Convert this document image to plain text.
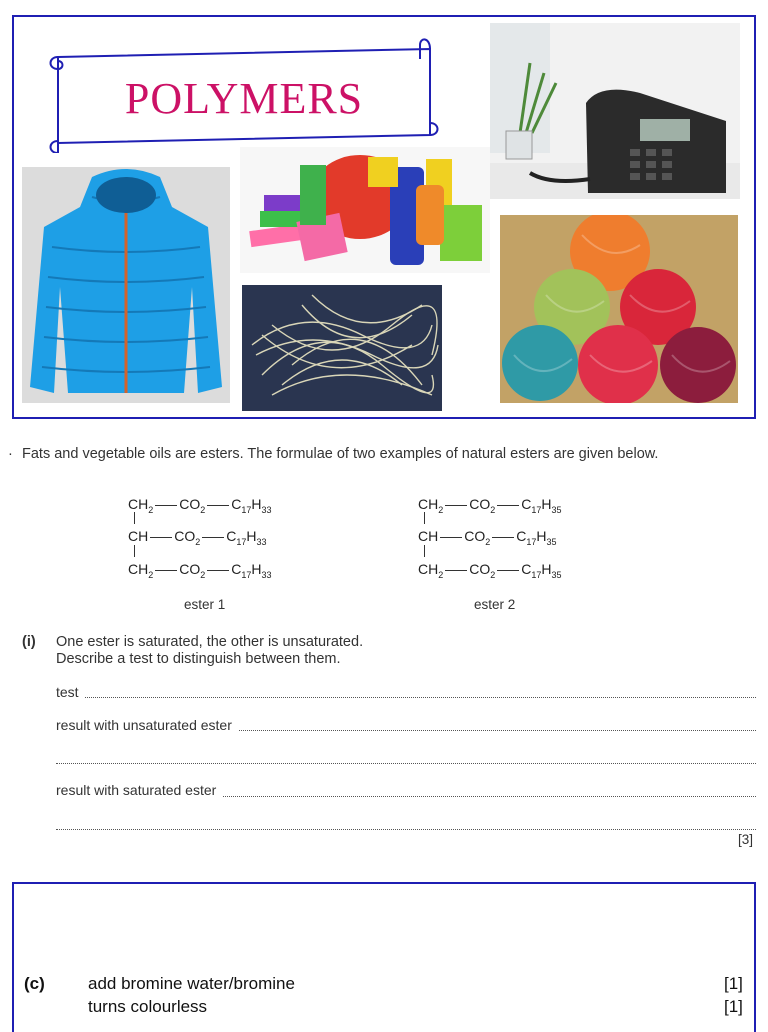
POLYMERS
· Fats and vegetable oils are esters. The formulae of two examples of natural esters are given below.
$CH_2$ $CO_2$ $C_{17}H_{33}$
CH $CO_2$ $C_{17}H_{33}$
$CH_2$ $CO_2$ $C_{17}H_{33}$
ester 1
$CH_2$ $CO_2$ $C_{17}H_{35}$
CH $CO_2$ $C_{17}H_{35}$
$CH_2$ $CO_2$ $C_{17}H_{35}$
ester 2
(i) One ester is saturated, the other is unsaturated.
Describe a test to distinguish between them.
test
result with unsaturated ester
result with saturated ester
[3]
(c)	add bromine water/bromine	[1]
turns colourless	[1]
